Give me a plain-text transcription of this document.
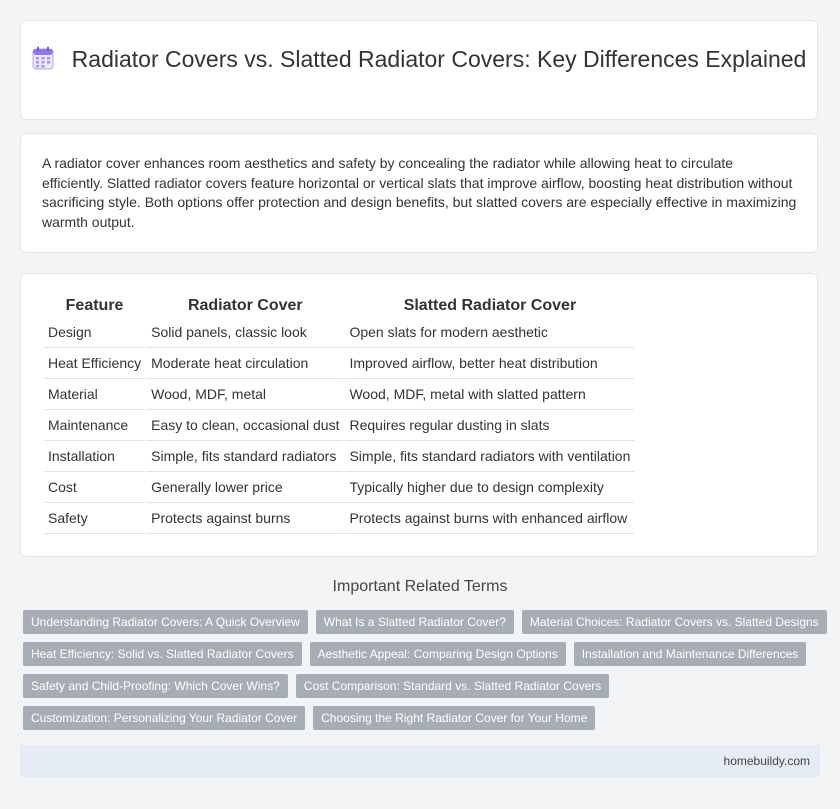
Radiator Covers vs. Slatted Radiator Covers: Key Differences Explained

A radiator cover enhances room aesthetics and safety by concealing the radiator while allowing heat to circulate efficiently. Slatted radiator covers feature horizontal or vertical slats that improve airflow, boosting heat distribution without sacrificing style. Both options offer protection and design benefits, but slatted covers are especially effective in maximizing warmth output.

Feature	Radiator Cover	Slatted Radiator Cover
Design	Solid panels, classic look	Open slats for modern aesthetic
Heat Efficiency	Moderate heat circulation	Improved airflow, better heat distribution
Material	Wood, MDF, metal	Wood, MDF, metal with slatted pattern
Maintenance	Easy to clean, occasional dust	Requires regular dusting in slats
Installation	Simple, fits standard radiators	Simple, fits standard radiators with ventilation
Cost	Generally lower price	Typically higher due to design complexity
Safety	Protects against burns	Protects against burns with enhanced airflow
Important Related Terms
Understanding Radiator Covers: A Quick Overview	What Is a Slatted Radiator Cover?	Material Choices: Radiator Covers vs. Slatted Designs
Heat Efficiency: Solid vs. Slatted Radiator Covers	Aesthetic Appeal: Comparing Design Options	Installation and Maintenance Differences
Safety and Child-Proofing: Which Cover Wins?	Cost Comparison: Standard vs. Slatted Radiator Covers
Customization: Personalizing Your Radiator Cover	Choosing the Right Radiator Cover for Your Home
homebuildy.com
